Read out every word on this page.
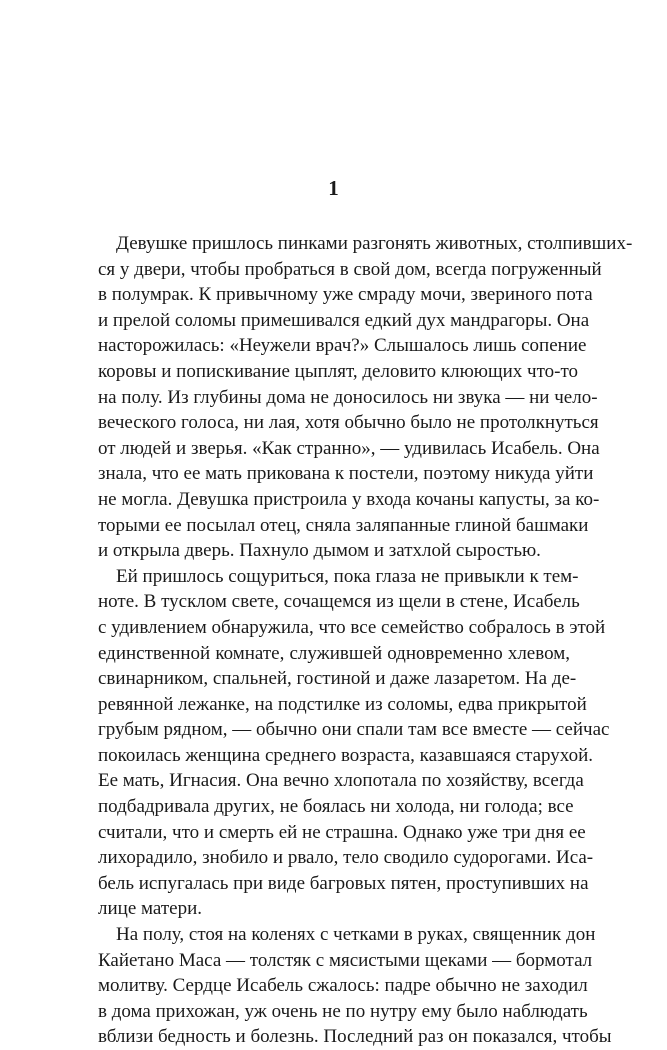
1
Девушке пришлось пинками разгонять животных, столпивших-
ся у двери, чтобы пробраться в свой дом, всегда погруженный
в полумрак. К привычному уже смраду мочи, звериного пота
и прелой соломы примешивался едкий дух мандрагоры. Она
насторожилась: «Неужели врач?» Слышалось лишь сопение
коровы и попискивание цыплят, деловито клюющих что-то
на полу. Из глубины дома не доносилось ни звука — ни чело-
веческого голоса, ни лая, хотя обычно было не протолкнуться
от людей и зверья. «Как странно», — удивилась Исабель. Она
знала, что ее мать прикована к постели, поэтому никуда уйти
не могла. Девушка пристроила у входа кочаны капусты, за ко-
торыми ее посылал отец, сняла заляпанные глиной башмаки
и открыла дверь. Пахнуло дымом и затхлой сыростью.
Ей пришлось сощуриться, пока глаза не привыкли к тем-
ноте. В тусклом свете, сочащемся из щели в стене, Исабель
с удивлением обнаружила, что все семейство собралось в этой
единственной комнате, служившей одновременно хлевом,
свинарником, спальней, гостиной и даже лазаретом. На де-
ревянной лежанке, на подстилке из соломы, едва прикрытой
грубым рядном, — обычно они спали там все вместе — сейчас
покоилась женщина среднего возраста, казавшаяся старухой.
Ее мать, Игнасия. Она вечно хлопотала по хозяйству, всегда
подбадривала других, не боялась ни холода, ни голода; все
считали, что и смерть ей не страшна. Однако уже три дня ее
лихорадило, знобило и рвало, тело сводило судорогами. Иса-
бель испугалась при виде багровых пятен, проступивших на
лице матери.
На полу, стоя на коленях с четками в руках, священник дон
Кайетано Маса — толстяк с мясистыми щеками — бормотал
молитву. Сердце Исабель сжалось: падре обычно не заходил
в дома прихожан, уж очень не по нутру ему было наблюдать
вблизи бедность и болезнь. Последний раз он показался, чтобы
